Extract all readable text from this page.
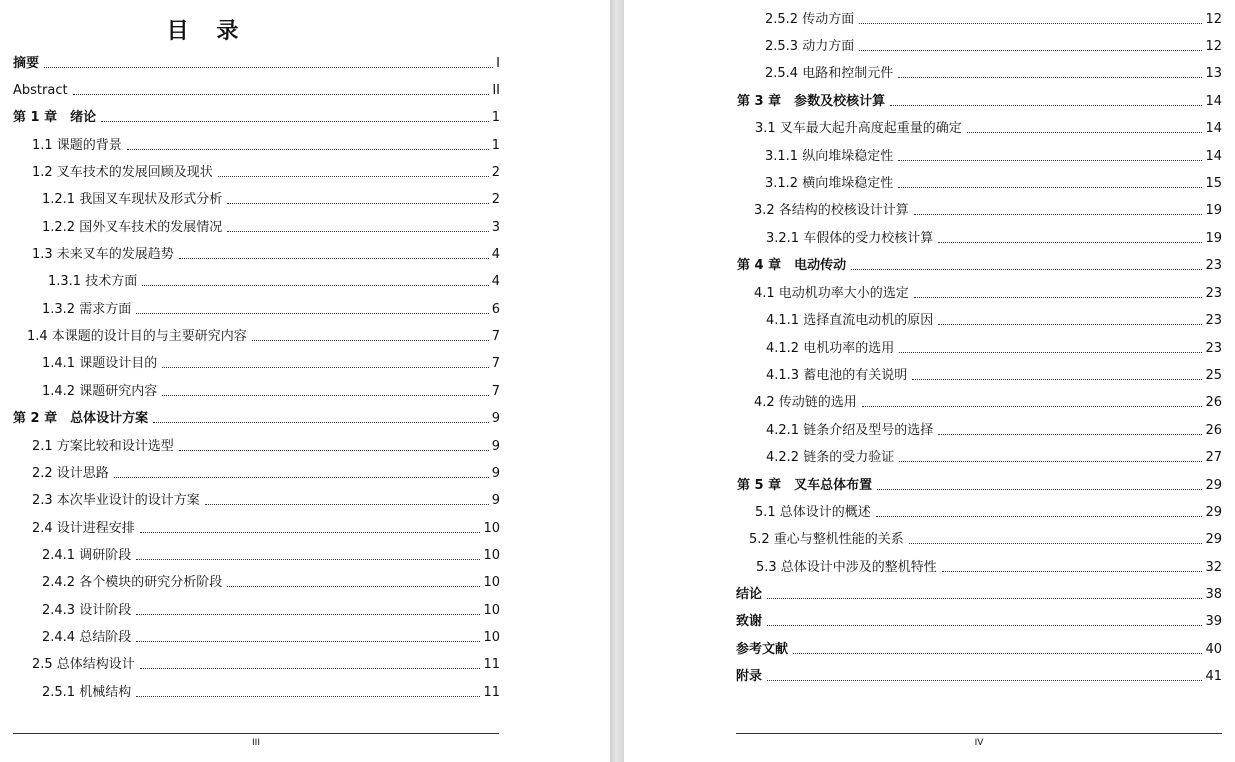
目 录
摘要	I
Abstract	II
第 1 章　绪论	1
1.1 课题的背景	1
1.2 叉车技术的发展回顾及现状	2
1.2.1 我国叉车现状及形式分析	2
1.2.2 国外叉车技术的发展情况	3
1.3 未来叉车的发展趋势	4
1.3.1 技术方面	4
1.3.2 需求方面	6
1.4 本课题的设计目的与主要研究内容	7
1.4.1 课题设计目的	7
1.4.2 课题研究内容	7
第 2 章　总体设计方案	9
2.1 方案比较和设计选型	9
2.2 设计思路	9
2.3 本次毕业设计的设计方案	9
2.4 设计进程安排	10
2.4.1 调研阶段	10
2.4.2 各个模块的研究分析阶段	10
2.4.3 设计阶段	10
2.4.4 总结阶段	10
2.5 总体结构设计	11
2.5.1 机械结构	11
III
2.5.2 传动方面	12
2.5.3 动力方面	12
2.5.4 电路和控制元件	13
第 3 章　参数及校核计算	14
3.1 叉车最大起升高度起重量的确定	14
3.1.1 纵向堆垛稳定性	14
3.1.2 横向堆垛稳定性	15
3.2 各结构的校核设计计算	19
3.2.1 车假体的受力校核计算	19
第 4 章　电动传动	23
4.1 电动机功率大小的选定	23
4.1.1 选择直流电动机的原因	23
4.1.2 电机功率的选用	23
4.1.3 蓄电池的有关说明	25
4.2 传动链的选用	26
4.2.1 链条介绍及型号的选择	26
4.2.2 链条的受力验证	27
第 5 章　叉车总体布置	29
5.1 总体设计的概述	29
5.2 重心与整机性能的关系	29
5.3 总体设计中涉及的整机特性	32
结论	38
致谢	39
参考文献	40
附录	41
IV
